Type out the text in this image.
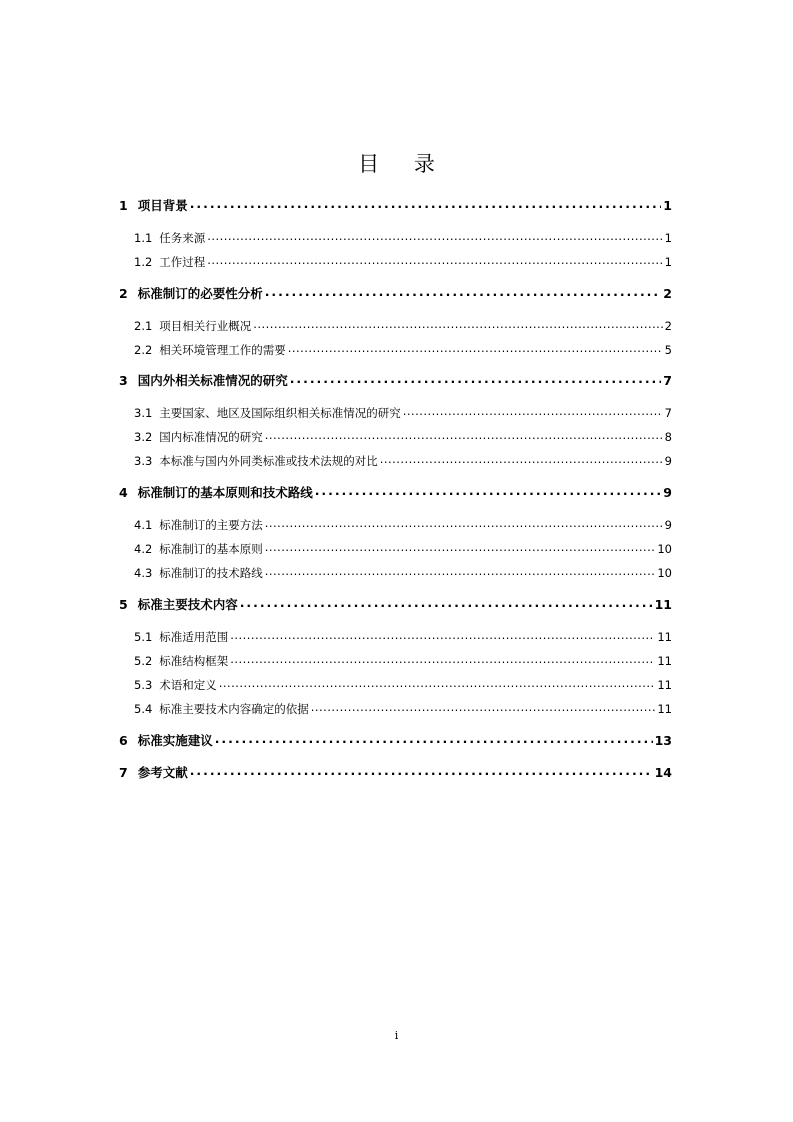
目 录
1 项目背景 . . .	1
1.1 任务来源 . . .	1
1.2 工作过程 . . .	1
2 标准制订的必要性分析 . . .	2
2.1 项目相关行业概况 . . .	2
2.2 相关环境管理工作的需要 . . .	5
3 国内外相关标准情况的研究 . . .	7
3.1 主要国家、地区及国际组织相关标准情况的研究 . . .	7
3.2 国内标准情况的研究 . . .	8
3.3 本标准与国内外同类标准或技术法规的对比 . . .	9
4 标准制订的基本原则和技术路线 . . .	9
4.1 标准制订的主要方法 . . .	9
4.2 标准制订的基本原则 . . .	10
4.3 标准制订的技术路线 . . .	10
5 标准主要技术内容 . . .	11
5.1 标准适用范围 . . .	11
5.2 标准结构框架 . . .	11
5.3 术语和定义 . . .	11
5.4 标准主要技术内容确定的依据 . . .	11
6 标准实施建议 . . .	13
7 参考文献 . . .	14
i
